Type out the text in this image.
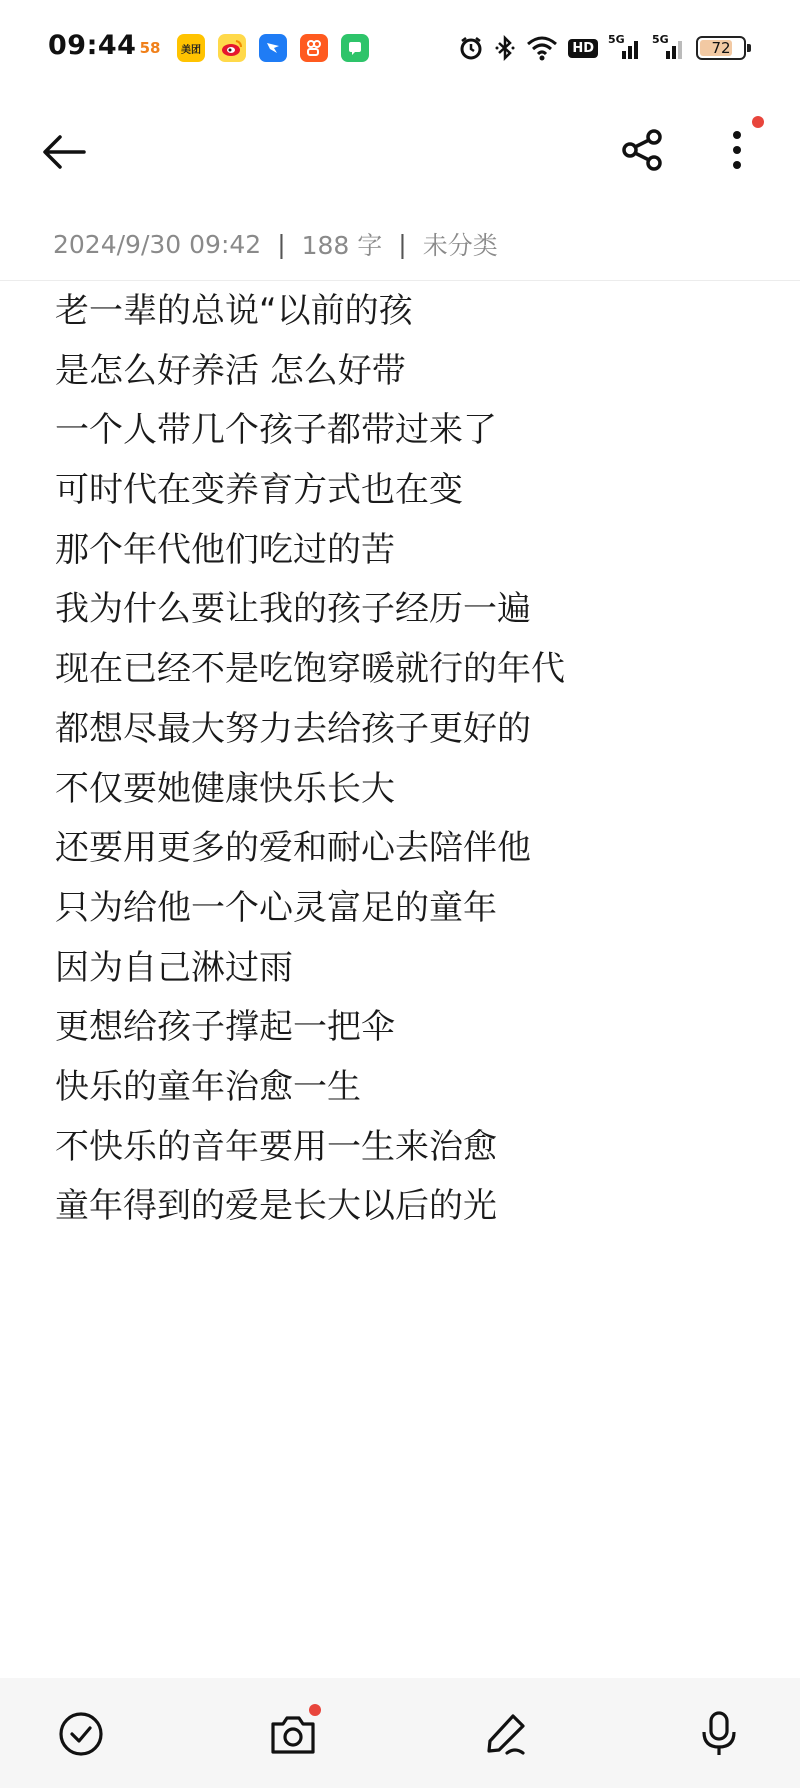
09:44 58 美团	HD
5G 5G	72
2024/9/30 09:42 | 188 字 | 未分类
老一辈的总说“以前的孩
是怎么好养活 怎么好带
一个人带几个孩子都带过来了
可时代在变养育方式也在变
那个年代他们吃过的苦
我为什么要让我的孩子经历一遍
现在已经不是吃饱穿暖就行的年代
都想尽最大努力去给孩子更好的
不仅要她健康快乐长大
还要用更多的爱和耐心去陪伴他
只为给他一个心灵富足的童年
因为自己淋过雨
更想给孩子撑起一把伞
快乐的童年治愈一生
不快乐的音年要用一生来治愈
童年得到的爱是长大以后的光
